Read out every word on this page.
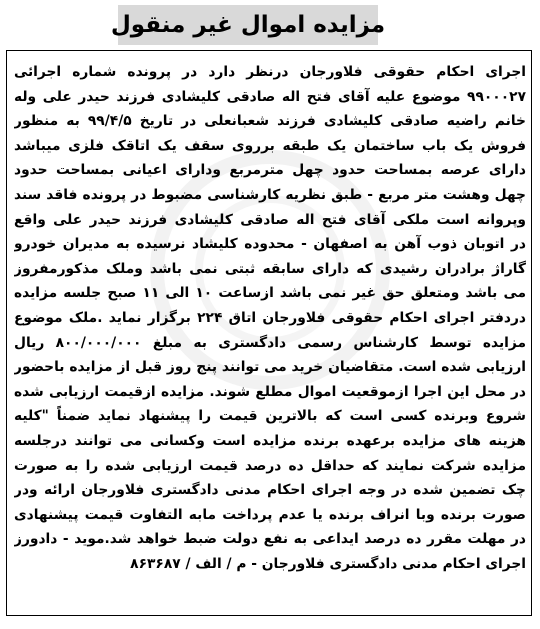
مزایده اموال غیر منقول
اجرای احکام حقوقی فلاورجان درنظر دارد در پرونده شماره اجرائی
۹۹۰۰۰۲۷ موضوع علیه آقای فتح اله صادقی کلیشادی فرزند حیدر علی وله
خانم راضیه صادقی کلیشادی فرزند شعبانعلی در تاریخ ۹۹/۴/۵ به منظور
فروش یک باب ساختمان یک طبقه برروی سقف یک اتاقک فلزی میباشد
دارای عرصه بمساحت حدود چهل مترمربع ودارای اعیانی بمساحت حدود
چهل وهشت متر مربع - طبق نظریه کارشناسی مضبوط در پرونده فاقد سند
وپروانه است ملکی آقای فتح اله صادقی کلیشادی فرزند حیدر علی واقع
در اتوبان ذوب آهن به اصفهان - محدوده کلیشاد نرسیده به مدیران خودرو
گاراژ برادران رشیدی که دارای سابقه ثبتی نمی باشد وملک مذکورمفروز
می باشد ومتعلق حق غیر نمی باشد ازساعت ۱۰ الی ۱۱ صبح جلسه مزایده
دردفتر اجرای احکام حقوقی فلاورجان اتاق ۲۲۴ برگزار نماید .ملک موضوع
مزایده توسط کارشناس رسمی دادگستری به مبلغ ۸۰۰/۰۰۰/۰۰۰ ریال
ارزیابی شده است. متقاضیان خرید می توانند پنج روز قبل از مزایده باحضور
در محل این اجرا ازموقعیت اموال مطلع شوند. مزایده ازقیمت ارزیابی شده
شروع وبرنده کسی است که بالاترین قیمت را پیشنهاد نماید ضمناً "کلیه
هزینه های مزایده برعهده برنده مزایده است وکسانی می توانند درجلسه
مزایده شرکت نمایند که حداقل ده درصد قیمت ارزیابی شده را به صورت
چک تضمین شده در وجه اجرای احکام مدنی دادگستری فلاورجان ارائه ودر
صورت برنده وبا انراف برنده یا عدم پرداخت مابه التفاوت قیمت پیشنهادی
در مهلت مقرر ده درصد ایداعی به نفع دولت ضبط خواهد شد.موید - دادورز
اجرای احکام مدنی دادگستری فلاورجان - م / الف / ۸۶۳۶۸۷
